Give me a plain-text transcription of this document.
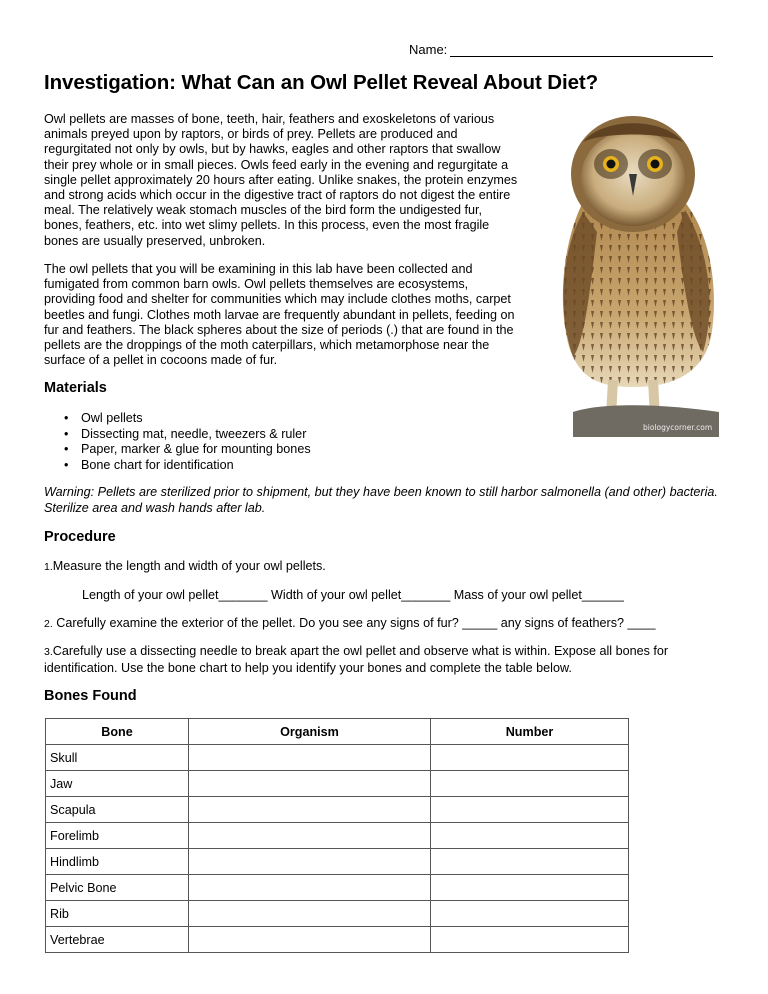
Name:
Investigation: What Can an Owl Pellet Reveal About Diet?

Owl pellets are masses of bone, teeth, hair, feathers and exoskeletons of various animals preyed upon by raptors, or birds of prey. Pellets are produced and regurgitated not only by owls, but by hawks, eagles and other raptors that swallow their prey whole or in small pieces. Owls feed early in the evening and regurgitate a single pellet approximately 20 hours after eating. Unlike snakes, the protein enzymes and strong acids which occur in the digestive tract of raptors do not digest the entire meal. The relatively weak stomach muscles of the bird form the undigested fur, bones, feathers, etc. into wet slimy pellets. In this process, even the most fragile bones are usually preserved, unbroken.

The owl pellets that you will be examining in this lab have been collected and fumigated from common barn owls. Owl pellets themselves are ecosystems, providing food and shelter for communities which may include clothes moths, carpet beetles and fungi. Clothes moth larvae are frequently abundant in pellets, feeding on fur and feathers. The black spheres about the size of periods (.) that are found in the pellets are the droppings of the moth caterpillars, which metamorphose near the surface of a pellet in cocoons made of fur.

biologycorner.com
Materials
• Owl pellets
• Dissecting mat, needle, tweezers & ruler
• Paper, marker & glue for mounting bones
• Bone chart for identification

Warning: Pellets are sterilized prior to shipment, but they have been known to still harbor salmonella (and other) bacteria. Sterilize area and wash hands after lab.

Procedure

1.Measure the length and width of your owl pellets.

Length of your owl pellet_______ Width of your owl pellet_______ Mass of your owl pellet______

2. Carefully examine the exterior of the pellet. Do you see any signs of fur? _____ any signs of feathers? ____

3.Carefully use a dissecting needle to break apart the owl pellet and observe what is within. Expose all bones for identification. Use the bone chart to help you identify your bones and complete the table below.

Bones Found
Bone	Organism	Number
Skull		
Jaw		
Scapula		
Forelimb		
Hindlimb		
Pelvic Bone		
Rib		
Vertebrae		
